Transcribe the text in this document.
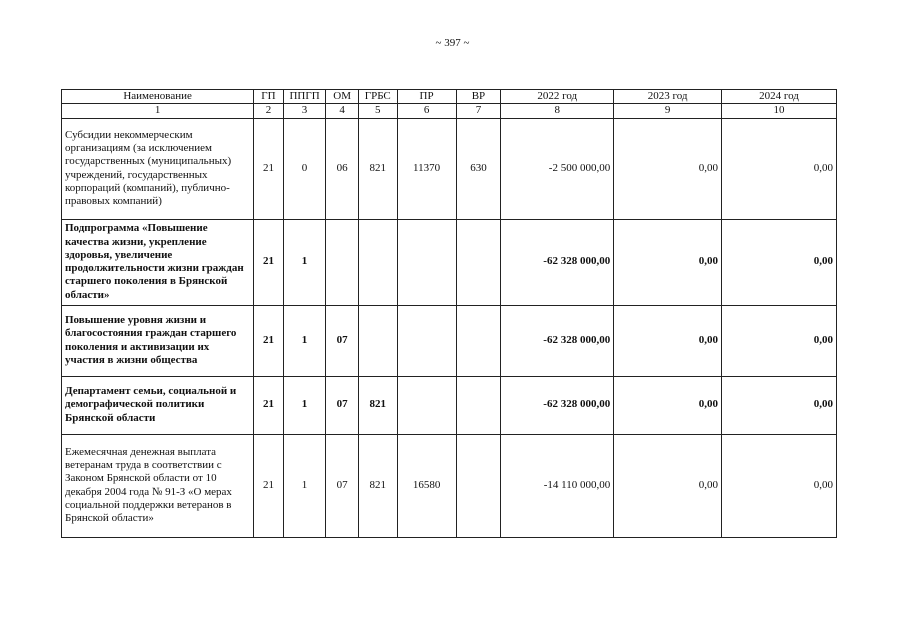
~ 397 ~
Наименование	ГП	ППГП	ОМ	ГРБС	ПР	ВР	2022 год	2023 год	2024 год
1	2	3	4	5	6	7	8	9	10
Субсидии некоммерческим организациям (за исключением государственных (муниципальных) учреждений, государственных корпораций (компаний), публично-правовых компаний)	21	0	06	821	11370	630	-2 500 000,00	0,00	0,00
Подпрограмма «Повышение качества жизни, укрепление здоровья, увеличение продолжительности жизни граждан старшего поколения в Брянской области»	21	1					-62 328 000,00	0,00	0,00
Повышение уровня жизни и благосостояния граждан старшего поколения и активизации их участия в жизни общества	21	1	07				-62 328 000,00	0,00	0,00
Департамент семьи, социальной и демографической политики Брянской области	21	1	07	821			-62 328 000,00	0,00	0,00
Ежемесячная денежная выплата ветеранам труда в соответствии с Законом Брянской области от 10 декабря 2004 года № 91-З «О мерах социальной поддержки ветеранов в Брянской области»	21	1	07	821	16580		-14 110 000,00	0,00	0,00
